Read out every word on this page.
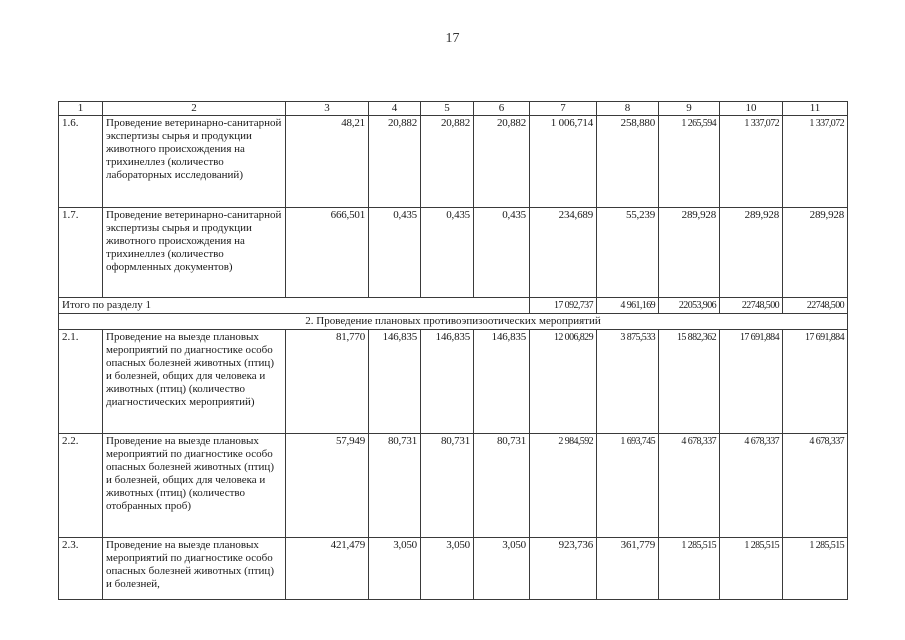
17
1	2	3	4	5	6	7	8	9	10	11
1.6.	Проведение ветеринарно-санитарной экспертизы сырья и продукции животного происхождения на трихинеллез (количество лабораторных исследований)	48,21	20,882	20,882	20,882	1 006,714	258,880	1 265,594	1 337,072	1 337,072
1.7.	Проведение ветеринарно-санитарной экспертизы сырья и продукции животного происхождения на трихинеллез (количество оформленных документов)	666,501	0,435	0,435	0,435	234,689	55,239	289,928	289,928	289,928
Итого по разделу 1						17 092,737	4 961,169	22053,906	22748,500	22748,500
2. Проведение плановых противоэпизоотических мероприятий										
2.1.	Проведение на выезде плановых мероприятий по диагностике особо опасных болезней животных (птиц) и болезней, общих для человека и животных (птиц) (количество диагностических мероприятий)	81,770	146,835	146,835	146,835	12 006,829	3 875,533	15 882,362	17 691,884	17 691,884
2.2.	Проведение на выезде плановых мероприятий по диагностике особо опасных болезней животных (птиц) и болезней, общих для человека и животных (птиц) (количество отобранных проб)	57,949	80,731	80,731	80,731	2 984,592	1 693,745	4 678,337	4 678,337	4 678,337
2.3.	Проведение на выезде плановых мероприятий по диагностике особо опасных болезней животных (птиц) и болезней,	421,479	3,050	3,050	3,050	923,736	361,779	1 285,515	1 285,515	1 285,515
